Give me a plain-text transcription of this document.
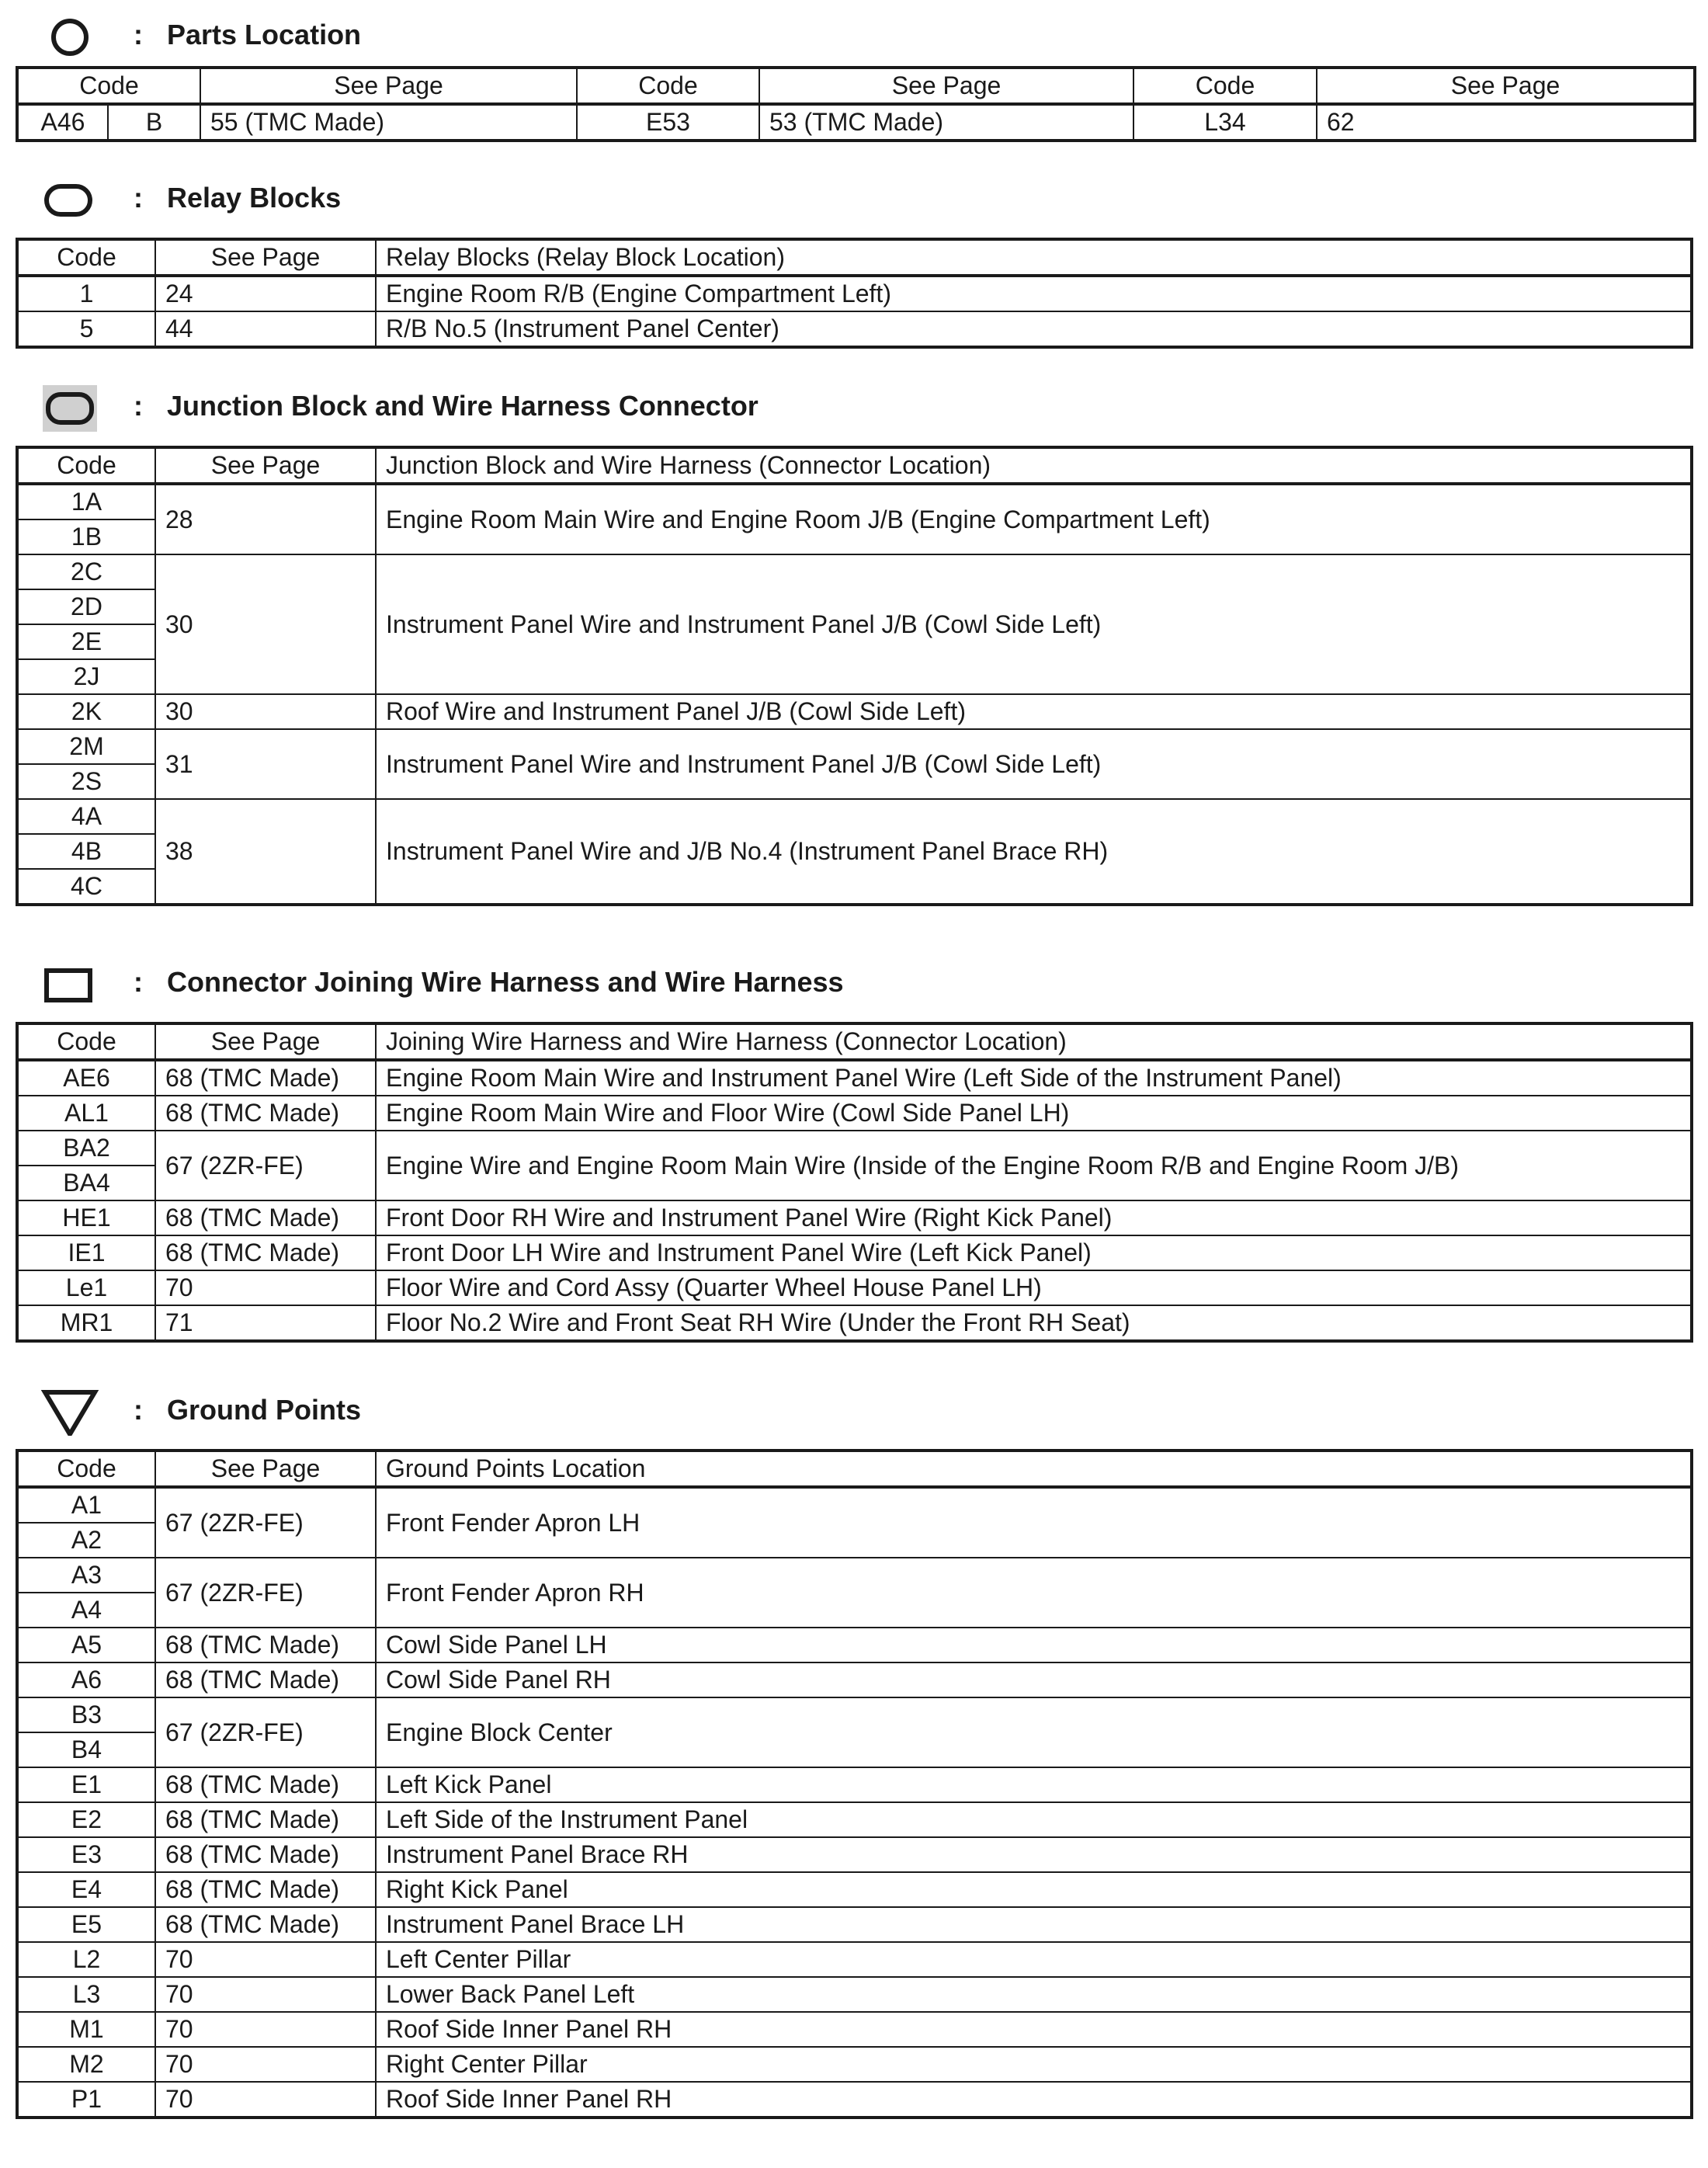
: Parts Location
Code		See Page	Code	See Page	Code	See Page
A46	B	55 (TMC Made)	E53	53 (TMC Made)	L34	62
: Relay Blocks
Code	See Page	Relay Blocks (Relay Block Location)
1	24	Engine Room R/B (Engine Compartment Left)
5	44	R/B No.5 (Instrument Panel Center)
: Junction Block and Wire Harness Connector
Code	See Page	Junction Block and Wire Harness (Connector Location)
1A	28	Engine Room Main Wire and Engine Room J/B (Engine Compartment Left)
1B		
2C	30	Instrument Panel Wire and Instrument Panel J/B (Cowl Side Left)
2D		
2E		
2J		
2K	30	Roof Wire and Instrument Panel J/B (Cowl Side Left)
2M	31	Instrument Panel Wire and Instrument Panel J/B (Cowl Side Left)
2S		
4A	38	Instrument Panel Wire and J/B No.4 (Instrument Panel Brace RH)
4B		
4C		
: Connector Joining Wire Harness and Wire Harness
Code	See Page	Joining Wire Harness and Wire Harness (Connector Location)
AE6	68 (TMC Made)	Engine Room Main Wire and Instrument Panel Wire (Left Side of the Instrument Panel)
AL1	68 (TMC Made)	Engine Room Main Wire and Floor Wire (Cowl Side Panel LH)
BA2	67 (2ZR-FE)	Engine Wire and Engine Room Main Wire (Inside of the Engine Room R/B and Engine Room J/B)
BA4		
HE1	68 (TMC Made)	Front Door RH Wire and Instrument Panel Wire (Right Kick Panel)
IE1	68 (TMC Made)	Front Door LH Wire and Instrument Panel Wire (Left Kick Panel)
Le1	70	Floor Wire and Cord Assy (Quarter Wheel House Panel LH)
MR1	71	Floor No.2 Wire and Front Seat RH Wire (Under the Front RH Seat)
: Ground Points
Code	See Page	Ground Points Location
A1	67 (2ZR-FE)	Front Fender Apron LH
A2		
A3	67 (2ZR-FE)	Front Fender Apron RH
A4		
A5	68 (TMC Made)	Cowl Side Panel LH
A6	68 (TMC Made)	Cowl Side Panel RH
B3	67 (2ZR-FE)	Engine Block Center
B4		
E1	68 (TMC Made)	Left Kick Panel
E2	68 (TMC Made)	Left Side of the Instrument Panel
E3	68 (TMC Made)	Instrument Panel Brace RH
E4	68 (TMC Made)	Right Kick Panel
E5	68 (TMC Made)	Instrument Panel Brace LH
L2	70	Left Center Pillar
L3	70	Lower Back Panel Left
M1	70	Roof Side Inner Panel RH
M2	70	Right Center Pillar
P1	70	Roof Side Inner Panel RH
